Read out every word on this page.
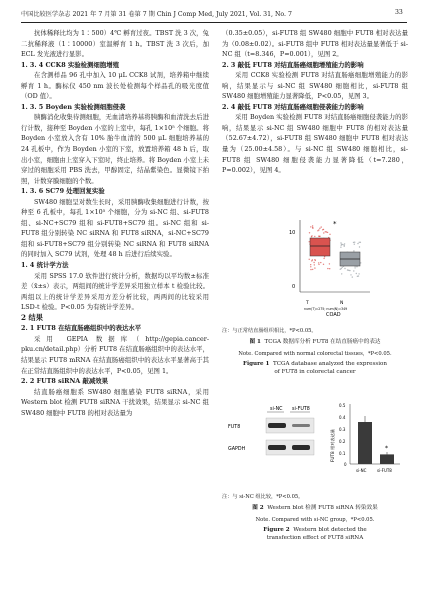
中国比较医学杂志 2021 年 7 月第 31 卷第 7 期 Chin J Comp Med, July 2021, Vol. 31, No. 7	33

抗体稀释比均为 1∶500）4℃ 孵育过夜。TBST 洗 3 次，兔二抗稀释液（1∶10000）室温孵育 1 h。TBST 洗 3 次后，加 ECL 发光液进行显影。

1. 3. 4 CCK8 实验检测细胞增殖

在含测样品 96 孔中加入 10 μL CCK8 试剂，培养箱中继续孵育 1 h。酶标仪 450 nm 波长处检测每个样品孔的吸光度值（OD 值）。

1. 3. 5 Boyden 实验检测细胞侵袭

胰酶消化收集待测细胞，无血清培养基将胰酶和血清洗去后进行计数，接种至 Boyden 小室的上室中，每孔 1×10⁵ 个细胞。将 Boyden 小室放入含有 10% 胎牛血清的 500 μL 细胞培养基的 24 孔板中，作为 Boyden 小室的下室，放置培养箱 48 h 后，取出小室，细胞由上室穿入下室时，终止培养。将 Boyden 小室上未穿过的细胞采用 PBS 洗去，甲醇固定，结晶紫染色。显微镜下拍照，计数穿膜细胞的个数。

1. 3. 6 SC79 处理回复实验

SW480 细胞呈对数生长时，采用胰酶收集细胞进行计数，按种至 6 孔板中，每孔 1×10⁵ 个细胞，分为 si-NC 组、si-FUT8 组、si-NC+SC79 组和 si-FUT8+SC79 组。si-NC 组和 si-FUT8 组分别转染 NC siRNA 和 FUT8 siRNA，si-NC+SC79 组和 si-FUT8+SC79 组分别转染 NC siRNA 和 FUT8 siRNA 的同时加入 SC79 试剂，处理 48 h 后进行后续实验。

1. 4 统计学方法

采用 SPSS 17.0 软件进行统计分析，数据均以平均数±标准差（x̄±s）表示，两组间的统计学差异采用独立样本 t 检验比较。两组以上的统计学差异采用方差分析比较，两两间的比较采用 LSD-t 检验。P<0.05 为有统计学差异。

2 结果

2. 1 FUT8 在结直肠癌组织中的表达水平

采用 GEPIA 数据库（http://gepia.cancer-pku.cn/detail.php）分析 FUT8 在结直肠癌组织中的表达水平，结果显示 FUT8 mRNA 在结直肠癌组织中的表达水平显著高于其在正常结直肠组织中的表达水平，P<0.05，见图 1。

2. 2 FUT8 siRNA 敲减效果

结直肠癌细胞系 SW480 细胞感染 FUT8 siRNA，采用 Western blot 检测 FUT8 siRNA 干扰效果，结果显示 si-NC 组 SW480 细胞中 FUT8 的相对表达量为

（0.35±0.05），si-FUT8 组 SW480 细胞中 FUT8 相对表达量为（0.08±0.02）。si-FUT8 组中 FUT8 相对表达量显著低于 si-NC 组（t=8.346，P=0.001），见图 2。

2. 3 敲低 FUT8 对结直肠癌细胞增殖能力的影响

采用 CCK8 实验检测 FUT8 对结直肠癌细胞增殖能力的影响，结果显示与 si-NC 组 SW480 细胞相比，si-FUT8 组 SW480 细胞增殖能力显著降低，P<0.05，见图 3。

2. 4 敲低 FUT8 对结直肠癌细胞侵袭能力的影响

采用 Boyden 实验检测 FUT8 对结直肠癌细胞侵袭能力的影响，结果显示 si-NC 组 SW480 细胞中 FUT8 的相对表达量（52.67±4.72），si-FUT8 组 SW480 细胞中 FUT8 相对表达量为（25.00±4.58）。与 si-NC 组 SW480 细胞相比，si-FUT8 组 SW480 细胞侵袭能力显著降低（t=7.280，P=0.002），见图 4。

10
0
*
T	N
COAD
num(T)=275; num(N)=349
注：与正常结直肠组织相比，*P<0.05。
图 1 TCGA 数据库分析 FUT8 在结直肠癌中的表达
Note. Compared with normal colorectal tissues，*P<0.05.
Figure 1 TCGA database analyzed the expression of FUT8 in colorectal cancer
si-NC si-FUT8
FUT8
GAPDH	FUT8 相对表达量
0.5
0.4
0.3
0.2
0.1
0
*
si-NC	si-FUT8
注：与 si-NC 组比较，*P<0.05。
图 2 Western blot 检测 FUT8 siRNA 转染效果
Note. Compared with si-NC group，*P<0.05.
Figure 2 Western blot detected the transfection effect of FUT8 siRNA
